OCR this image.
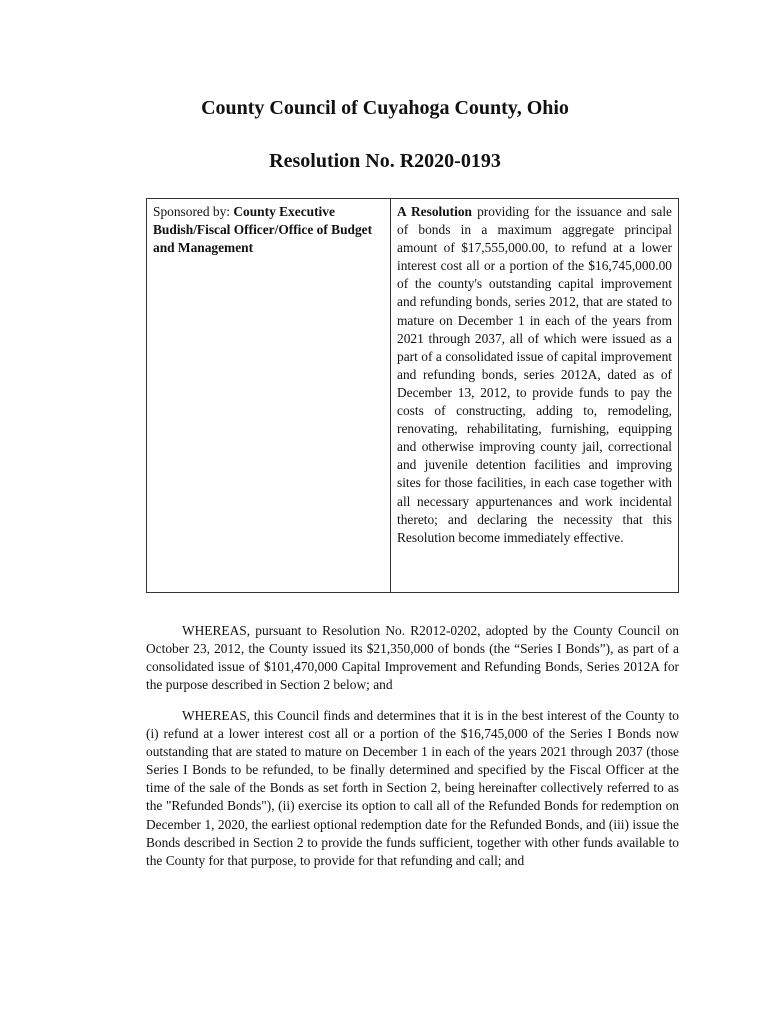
County Council of Cuyahoga County, Ohio
Resolution No. R2020-0193
Sponsored by: County Executive Budish/Fiscal Officer/Office of Budget and Management
A Resolution providing for the issuance and sale of bonds in a maximum aggregate principal amount of $17,555,000.00, to refund at a lower interest cost all or a portion of the $16,745,000.00 of the county's outstanding capital improvement and refunding bonds, series 2012, that are stated to mature on December 1 in each of the years from 2021 through 2037, all of which were issued as a part of a consolidated issue of capital improvement and refunding bonds, series 2012A, dated as of December 13, 2012, to provide funds to pay the costs of constructing, adding to, remodeling, renovating, rehabilitating, furnishing, equipping and otherwise improving county jail, correctional and juvenile detention facilities and improving sites for those facilities, in each case together with all necessary appurtenances and work incidental thereto; and declaring the necessity that this Resolution become immediately effective.

WHEREAS, pursuant to Resolution No. R2012-0202, adopted by the County Council on October 23, 2012, the County issued its $21,350,000 of bonds (the “Series I Bonds”), as part of a consolidated issue of $101,470,000 Capital Improvement and Refunding Bonds, Series 2012A for the purpose described in Section 2 below; and

WHEREAS, this Council finds and determines that it is in the best interest of the County to (i) refund at a lower interest cost all or a portion of the $16,745,000 of the Series I Bonds now outstanding that are stated to mature on December 1 in each of the years 2021 through 2037 (those Series I Bonds to be refunded, to be finally determined and specified by the Fiscal Officer at the time of the sale of the Bonds as set forth in Section 2, being hereinafter collectively referred to as the "Refunded Bonds"), (ii) exercise its option to call all of the Refunded Bonds for redemption on December 1, 2020, the earliest optional redemption date for the Refunded Bonds, and (iii) issue the Bonds described in Section 2 to provide the funds sufficient, together with other funds available to the County for that purpose, to provide for that refunding and call; and
